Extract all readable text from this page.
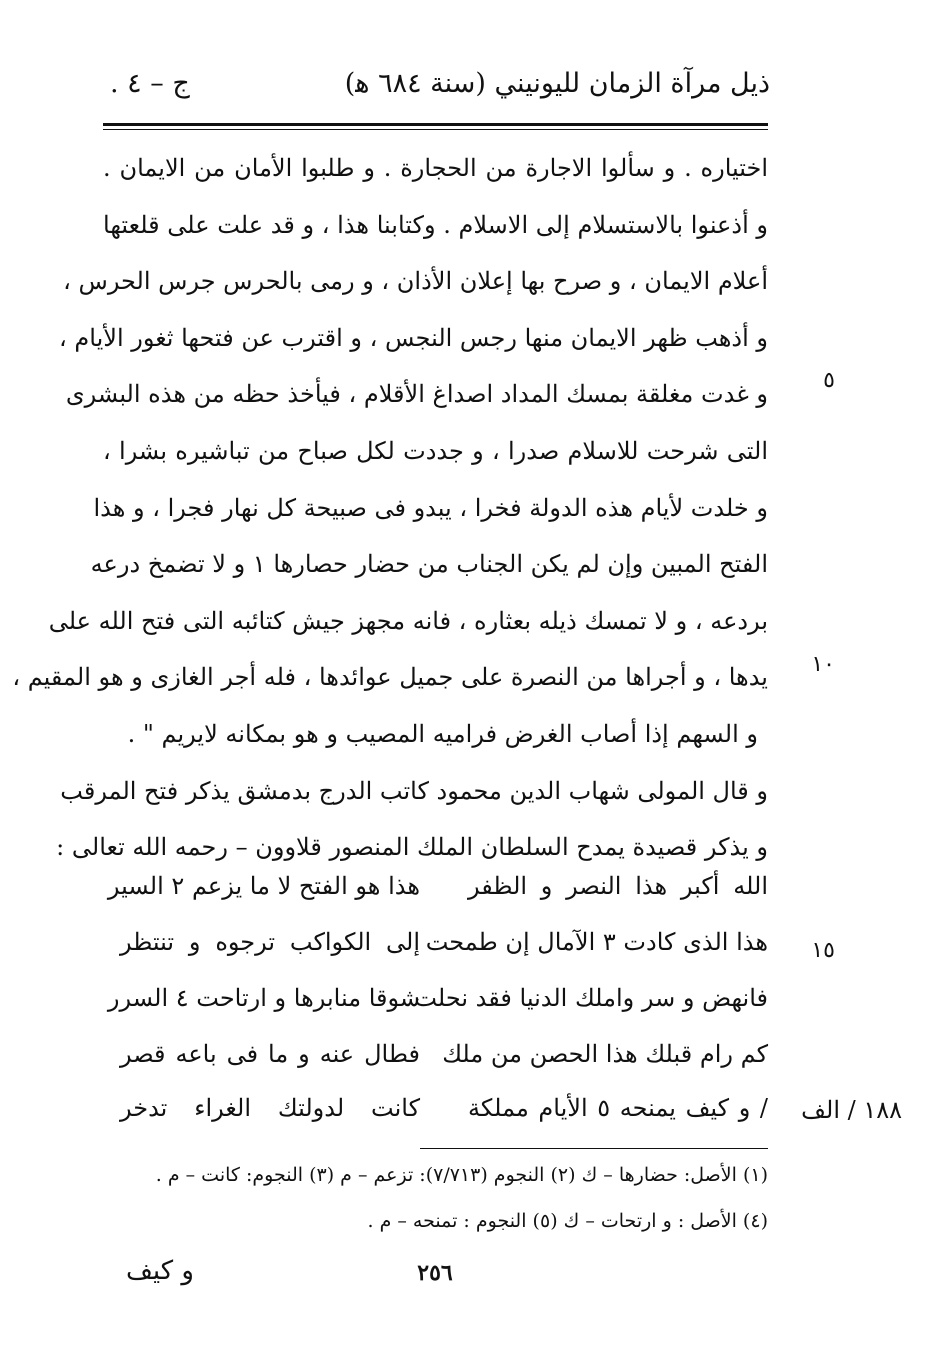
ذيل مرآة الزمان لليونيني (سنة ٦٨٤ ﻫ)
ج – ٤ .
اختياره . و سألوا الاجارة من الحجارة . و طلبوا الأمان من الايمان .
و أذعنوا بالاستسلام إلى الاسلام . وكتابنا هذا ، و قد علت على قلعتها
أعلام الايمان ، و صرح بها إعلان الأذان ، و رمى بالحرس جرس الحرس ،
و أذهب ظهر الايمان منها رجس النجس ، و اقترب عن فتحها ثغور الأيام ،
و غدت مغلقة بمسك المداد اصداغ الأقلام ، فيأخذ حظه من هذه البشرى
التى شرحت للاسلام صدرا ، و جددت لكل صباح من تباشيره بشرا ،
و خلدت لأيام هذه الدولة فخرا ، يبدو فى صبيحة كل نهار فجرا ، و هذا
الفتح المبين وإن لم يكن الجناب من حضار حصارها ١ و لا تضمخ درعه
بردعه ، و لا تمسك ذيله بعثاره ، فانه مجهز جيش كتائبه التى فتح الله على
يدها ، و أجراها من النصرة على جميل عوائدها ، فله أجر الغازى و هو المقيم ،
و السهم إذا أصاب الغرض فراميه المصيب و هو بمكانه لايريم " .
و قال المولى شهاب الدين محمود كاتب الدرج بدمشق يذكر فتح المرقب
و يذكر قصيدة يمدح السلطان الملك المنصور قلاوون – رحمه الله تعالى :
٥
١٠
١٥
الله أكبر هذا النصر و الظفر
هذا هو الفتح لا ما يزعم ٢ السير
هذا الذى كادت ٣ الآمال إن طمحت
إلى الكواكب ترجوه و تنتظر
فانهض و سر واملك الدنيا فقد نحلت
شوقا منابرها و ارتاحت ٤ السرر
كم رام قبلك هذا الحصن من ملك
فطال عنه و ما فى باعه قصر
/ و كيف يمنحه ٥ الأيام مملكة
كانت لدولتك الغراء تدخر	١٨٨ / الف
(١) الأصل: حضارها – ك (٢) النجوم (٧/٧١٣): تزعم – م (٣) النجوم: كانت – م .
(٤) الأصل : و ارتحات – ك (٥) النجوم : تمنحه – م .
و كيف	٢٥٦
